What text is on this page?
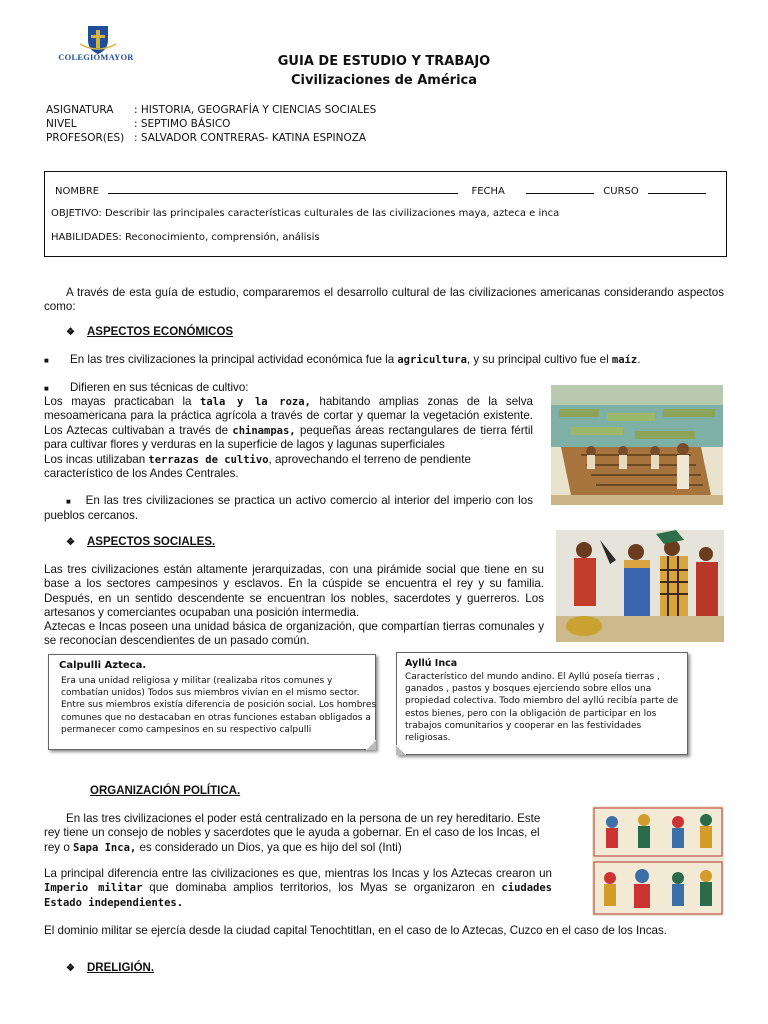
COLEGIOMAYOR	GUIA DE ESTUDIO Y TRABAJO
Civilizaciones de América
ASIGNATURA : HISTORIA, GEOGRAFÍA Y CIENCIAS SOCIALES
NIVEL	: SEPTIMO BÁSICO
PROFESOR(ES) : SALVADOR CONTRERAS- KATINA ESPINOZA
NOMBRE	FECHA	CURSO
OBJETIVO: Describir las principales características culturales de las civilizaciones maya, azteca e inca
HABILIDADES: Reconocimiento, comprensión, análisis
A través de esta guía de estudio, compararemos el desarrollo cultural de las civilizaciones americanas considerando aspectos como:
❖ ASPECTOS ECONÓMICOS
■ En las tres civilizaciones la principal actividad económica fue la agricultura, y su principal cultivo fue el maíz.
■ Difieren en sus técnicas de cultivo:
Los mayas practicaban la tala y la roza, habitando amplias zonas de la selva mesoamericana para la práctica agrícola a través de cortar y quemar la vegetación existente. Los Aztecas cultivaban a través de chinampas, pequeñas áreas rectangulares de tierra fértil para cultivar flores y verduras en la superficie de lagos y lagunas superficiales
Los incas utilizaban terrazas de cultivo, aprovechando el terreno de pendiente característico de los Andes Centrales.
■ En las tres civilizaciones se practica un activo comercio al interior del imperio con los pueblos cercanos.
❖ ASPECTOS SOCIALES.
Las tres civilizaciones están altamente jerarquizadas, con una pirámide social que tiene en su base a los sectores campesinos y esclavos. En la cúspide se encuentra el rey y su familia. Después, en un sentido descendente se encuentran los nobles, sacerdotes y guerreros. Los artesanos y comerciantes ocupaban una posición intermedia.
Aztecas e Incas poseen una unidad básica de organización, que compartían tierras comunales y se reconocían descendientes de un pasado común.
Calpulli Azteca.
Era una unidad religiosa y militar (realizaba ritos comunes y combatían unidos) Todos sus miembros vivían en el mismo sector. Entre sus miembros existía diferencia de posición social. Los hombres comunes que no destacaban en otras funciones estaban obligados a permanecer como campesinos en su respectivo calpulli
Ayllú Inca
Característico del mundo andino. El Ayllú poseía tierras , ganados , pastos y bosques ejerciendo sobre ellos una propiedad colectiva. Todo miembro del ayllú recibía parte de estos bienes, pero con la obligación de participar en los trabajos comunitarios y cooperar en las festividades religiosas.
ORGANIZACIÓN POLÍTICA.
En las tres civilizaciones el poder está centralizado en la persona de un rey hereditario. Este rey tiene un consejo de nobles y sacerdotes que le ayuda a gobernar. En el caso de los Incas, el rey o Sapa Inca, es considerado un Dios, ya que es hijo del sol (Inti)
La principal diferencia entre las civilizaciones es que, mientras los Incas y los Aztecas crearon un Imperio militar que dominaba amplios territorios, los Myas se organizaron en ciudades Estado independientes.
El dominio militar se ejercía desde la ciudad capital Tenochtitlan, en el caso de lo Aztecas, Cuzco en el caso de los Incas.
❖ DRELIGIÓN.
